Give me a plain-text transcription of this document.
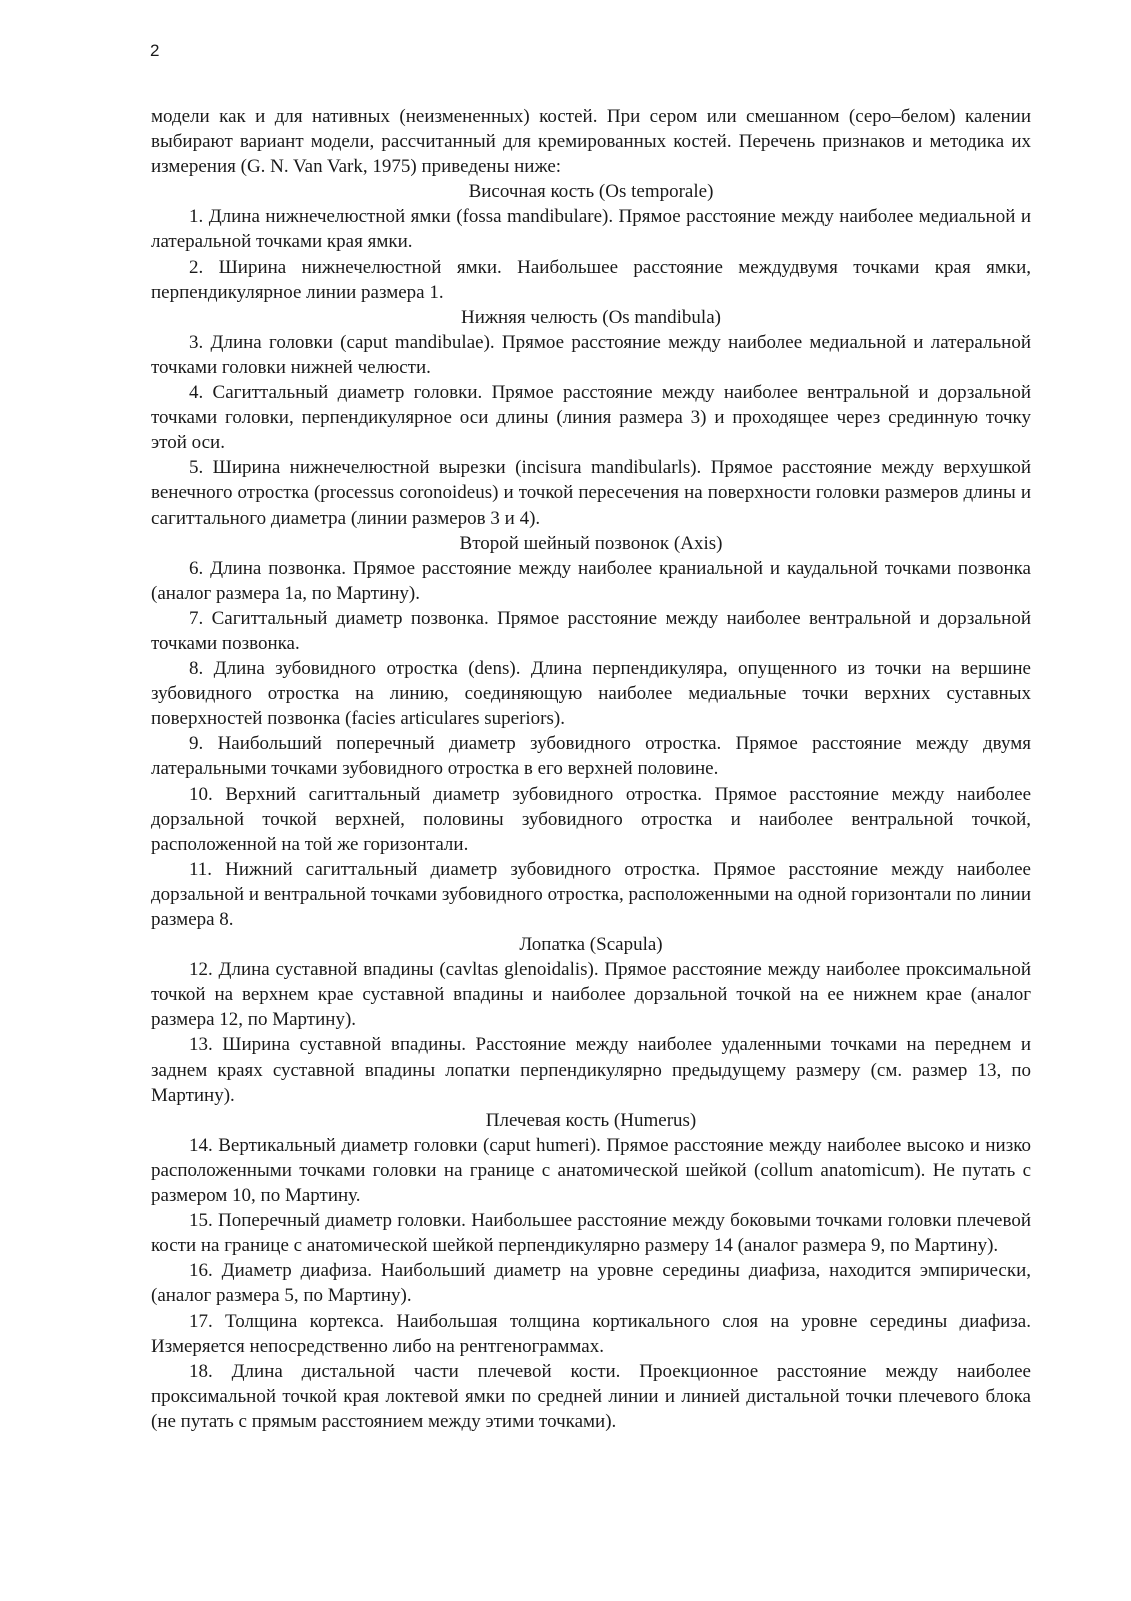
2

модели как и для нативных (неизмененных) костей. При сером или смешанном (серо–белом) калении выбирают вариант модели, рассчитанный для кремированных костей. Перечень признаков и методика их измерения (G. N. Van Vark, 1975) приведены ниже:

Височная кость (Os temporale)

1. Длина нижнечелюстной ямки (fossa mandibulare). Прямое расстояние между наиболее медиальной и латеральной точками края ямки.

2. Ширина нижнечелюстной ямки. Наибольшее расстояние междудвумя точками края ямки, перпендикулярное линии размера 1.

Нижняя челюсть (Os mandibula)

3. Длина головки (caput mandibulae). Прямое расстояние между наиболее медиальной и латеральной точками головки нижней челюсти.

4. Сагиттальный диаметр головки. Прямое расстояние между наиболее вентральной и дорзальной точками головки, перпендикулярное оси длины (линия размера 3) и проходящее через срединную точку этой оси.

5. Ширина нижнечелюстной вырезки (incisura mandibularls). Прямое расстояние между верхушкой венечного отростка (processus coronoideus) и точкой пересечения на поверхности головки размеров длины и сагиттального диаметра (линии размеров 3 и 4).

Второй шейный позвонок (Axis)

6. Длина позвонка. Прямое расстояние между наиболее краниальной и каудальной точками позвонка (аналог размера 1а, по Мартину).

7. Сагиттальный диаметр позвонка. Прямое расстояние между наиболее вентральной и дорзальной точками позвонка.

8. Длина зубовидного отростка (dens). Длина перпендикуляра, опущенного из точки на вершине зубовидного отростка на линию, соединяющую наиболее медиальные точки верхних суставных поверхностей позвонка (facies articulares superiors).

9. Наибольший поперечный диаметр зубовидного отростка. Прямое расстояние между двумя латеральными точками зубовидного отростка в его верхней половине.

10. Верхний сагиттальный диаметр зубовидного отростка. Прямое расстояние между наиболее дорзальной точкой верхней, половины зубовидного отростка и наиболее вентральной точкой, расположенной на той же горизонтали.

11. Нижний сагиттальный диаметр зубовидного отростка. Прямое расстояние между наиболее дорзальной и вентральной точками зубовидного отростка, расположенными на одной горизонтали по линии размера 8.

Лопатка (Scapula)

12. Длина суставной впадины (cavltas glenoidalis). Прямое расстояние между наиболее проксимальной точкой на верхнем крае суставной впадины и наиболее дорзальной точкой на ее нижнем крае (аналог размера 12, по Мартину).

13. Ширина суставной впадины. Расстояние между наиболее удаленными точками на переднем и заднем краях суставной впадины лопатки перпендикулярно предыдущему размеру (см. размер 13, по Мартину).

Плечевая кость (Humerus)

14. Вертикальный диаметр головки (caput humeri). Прямое расстояние между наиболее высоко и низко расположенными точками головки на границе с анатомической шейкой (collum anatomicum). Не путать с размером 10, по Мартину.

15. Поперечный диаметр головки. Наибольшее расстояние между боковыми точками головки плечевой кости на границе с анатомической шейкой перпендикулярно размеру 14 (аналог размера 9, по Мартину).

16. Диаметр диафиза. Наибольший диаметр на уровне середины диафиза, находится эмпирически, (аналог размера 5, по Мартину).

17. Толщина кортекса. Наибольшая толщина кортикального слоя на уровне середины диафиза. Измеряется непосредственно либо на рентгенограммах.

18. Длина дистальной части плечевой кости. Проекционное расстояние между наиболее проксимальной точкой края локтевой ямки по средней линии и линией дистальной точки плечевого блока (не путать с прямым расстоянием между этими точками).
